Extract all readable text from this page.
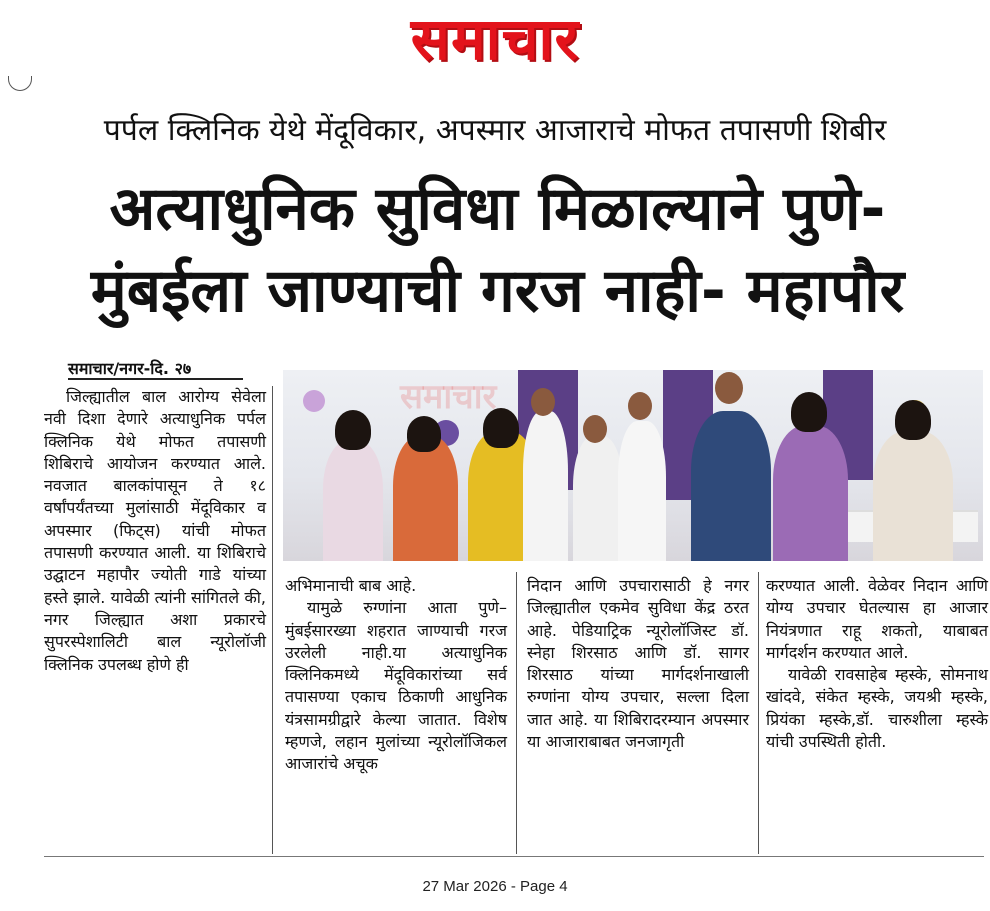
समाचार
पर्पल क्लिनिक येथे मेंदूविकार, अपस्मार आजाराचे मोफत तपासणी शिबीर
अत्याधुनिक सुविधा मिळाल्याने पुणे-
मुंबईला जाण्याची गरज नाही- महापौर
समाचार/नगर-दि. २७
समाचार

जिल्ह्यातील बाल आरोग्य सेवेला नवी दिशा देणारे अत्याधुनिक पर्पल क्लिनिक येथे मोफत तपासणी शिबिराचे आयोजन करण्यात आले. नवजात बालकांपासून ते १८ वर्षांपर्यंतच्या मुलांसाठी मेंदूविकार व अपस्मार (फिट्स) यांची मोफत तपासणी करण्यात आली. या शिबिराचे उद्घाटन महापौर ज्योती गाडे यांच्या हस्ते झाले. यावेळी त्यांनी सांगितले की, नगर जिल्ह्यात अशा प्रकारचे सुपरस्पेशालिटी बाल न्यूरोलॉजी क्लिनिक उपलब्ध होणे ही

अभिमानाची बाब आहे.

यामुळे रुग्णांना आता पुणे–मुंबईसारख्या शहरात जाण्याची गरज उरलेली नाही.या अत्याधुनिक क्लिनिकमध्ये मेंदूविकारांच्या सर्व तपासण्या एकाच ठिकाणी आधुनिक यंत्रसामग्रीद्वारे केल्या जातात. विशेष म्हणजे, लहान मुलांच्या न्यूरोलॉजिकल आजारांचे अचूक

निदान आणि उपचारासाठी हे नगर जिल्ह्यातील एकमेव सुविधा केंद्र ठरत आहे. पेडियाट्रिक न्यूरोलॉजिस्ट डॉ. स्नेहा शिरसाठ आणि डॉ. सागर शिरसाठ यांच्या मार्गदर्शनाखाली रुग्णांना योग्य उपचार, सल्ला दिला जात आहे. या शिबिरादरम्यान अपस्मार या आजाराबाबत जनजागृती

करण्यात आली. वेळेवर निदान आणि योग्य उपचार घेतल्यास हा आजार नियंत्रणात राहू शकतो, याबाबत मार्गदर्शन करण्यात आले.

यावेळी रावसाहेब म्हस्के, सोमनाथ खांदवे, संकेत म्हस्के, जयश्री म्हस्के, प्रियंका म्हस्के,डॉ. चारुशीला म्हस्के यांची उपस्थिती होती.

27 Mar 2026 - Page 4
